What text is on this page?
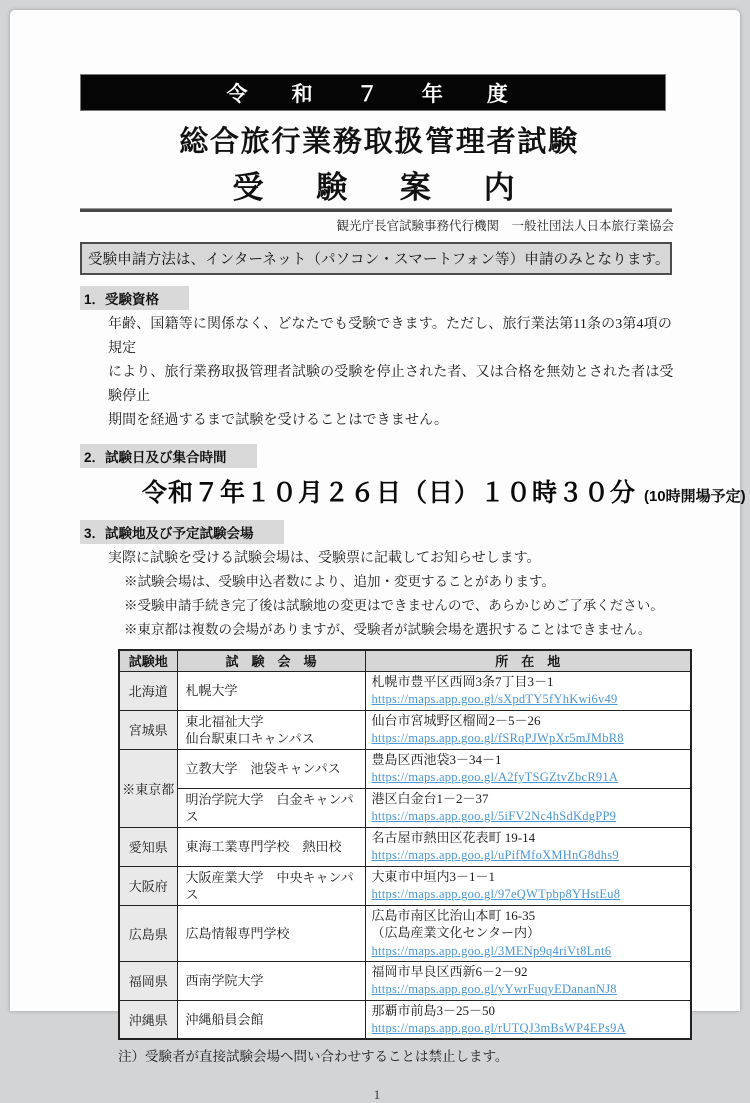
令　和　７　年　度
総合旅行業務取扱管理者試験
受　験　案　内
観光庁長官試験事務代行機関　一般社団法人日本旅行業協会
受験申請方法は、インターネット（パソコン・スマートフォン等）申請のみとなります。
1．受験資格
年齢、国籍等に関係なく、どなたでも受験できます。ただし、旅行業法第11条の3第4項の規定
により、旅行業務取扱管理者試験の受験を停止された者、又は合格を無効とされた者は受験停止
期間を経過するまで試験を受けることはできません。
2．試験日及び集合時間
令和７年１０月２６日（日）１０時３０分 (10時開場予定)
3．試験地及び予定試験会場
実際に試験を受ける試験会場は、受験票に記載してお知らせします。
※試験会場は、受験申込者数により、追加・変更することがあります。
※受験申請手続き完了後は試験地の変更はできませんので、あらかじめご了承ください。
※東京都は複数の会場がありますが、受験者が試験会場を選択することはできません。
試験地	試　験　会　場	所　在　地
北海道	札幌大学	札幌市豊平区西岡3条7丁目3－1
https://maps.app.goo.gl/sXpdTY5fYhKwi6v49
宮城県	東北福祉大学
仙台駅東口キャンパス	仙台市宮城野区榴岡2－5－26
https://maps.app.goo.gl/fSRqPJWpXr5mJMbR8
※東京都	立教大学　池袋キャンパス	豊島区西池袋3－34－1
https://maps.app.goo.gl/A2fyTSGZtvZbcR91A
	明治学院大学　白金キャンパス	港区白金台1－2－37
https://maps.app.goo.gl/5iFV2Nc4hSdKdgPP9
愛知県	東海工業専門学校　熱田校	名古屋市熱田区花表町 19-14
https://maps.app.goo.gl/uPifMfoXMHnG8dhs9
大阪府	大阪産業大学　中央キャンパス	大東市中垣内3－1－1
https://maps.app.goo.gl/97eQWTpbp8YHstEu8
広島県	広島情報専門学校	広島市南区比治山本町 16-35
（広島産業文化センター内）
https://maps.app.goo.gl/3MENp9q4riVt8Lnt6
福岡県	西南学院大学	福岡市早良区西新6－2－92
https://maps.app.goo.gl/yYwrFuqyEDananNJ8
沖縄県	沖縄船員会館	那覇市前島3－25－50
https://maps.app.goo.gl/rUTQJ3mBsWP4EPs9A
注）受験者が直接試験会場へ問い合わせすることは禁止します。
1
